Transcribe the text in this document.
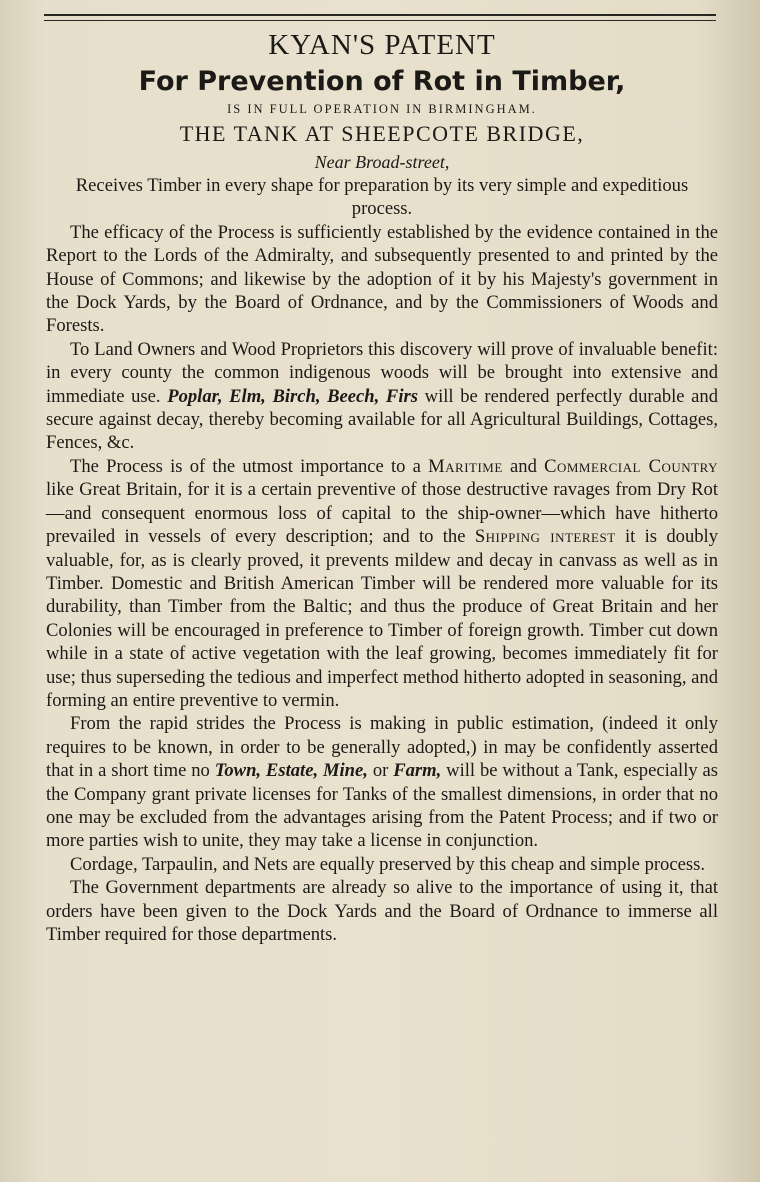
KYAN'S PATENT

For Prevention of Rot in Timber,

IS IN FULL OPERATION IN BIRMINGHAM.

THE TANK AT SHEEPCOTE BRIDGE,

Near Broad-street,

Receives Timber in every shape for preparation by its very simple and expeditious process.

The efficacy of the Process is sufficiently established by the evidence contained in the Report to the Lords of the Admiralty, and subsequently presented to and printed by the House of Commons; and likewise by the adoption of it by his Majesty's government in the Dock Yards, by the Board of Ordnance, and by the Commissioners of Woods and Forests.

To Land Owners and Wood Proprietors this discovery will prove of invaluable benefit: in every county the common indigenous woods will be brought into extensive and immediate use. Poplar, Elm, Birch, Beech, Firs will be rendered perfectly durable and secure against decay, thereby becoming available for all Agricultural Buildings, Cottages, Fences, &c.

The Process is of the utmost importance to a Maritime and Commercial Country like Great Britain, for it is a certain preventive of those destructive ravages from Dry Rot—and consequent enormous loss of capital to the ship-owner—which have hitherto prevailed in vessels of every description; and to the Shipping interest it is doubly valuable, for, as is clearly proved, it prevents mildew and decay in canvass as well as in Timber. Domestic and British American Timber will be rendered more valuable for its durability, than Timber from the Baltic; and thus the produce of Great Britain and her Colonies will be encouraged in preference to Timber of foreign growth. Timber cut down while in a state of active vegetation with the leaf growing, becomes immediately fit for use; thus superseding the tedious and imperfect method hitherto adopted in seasoning, and forming an entire preventive to vermin.

From the rapid strides the Process is making in public estimation, (indeed it only requires to be known, in order to be generally adopted,) in may be confidently asserted that in a short time no Town, Estate, Mine, or Farm, will be without a Tank, especially as the Company grant private licenses for Tanks of the smallest dimensions, in order that no one may be excluded from the advantages arising from the Patent Process; and if two or more parties wish to unite, they may take a license in conjunction.

Cordage, Tarpaulin, and Nets are equally preserved by this cheap and simple process.

The Government departments are already so alive to the importance of using it, that orders have been given to the Dock Yards and the Board of Ordnance to immerse all Timber required for those departments.
